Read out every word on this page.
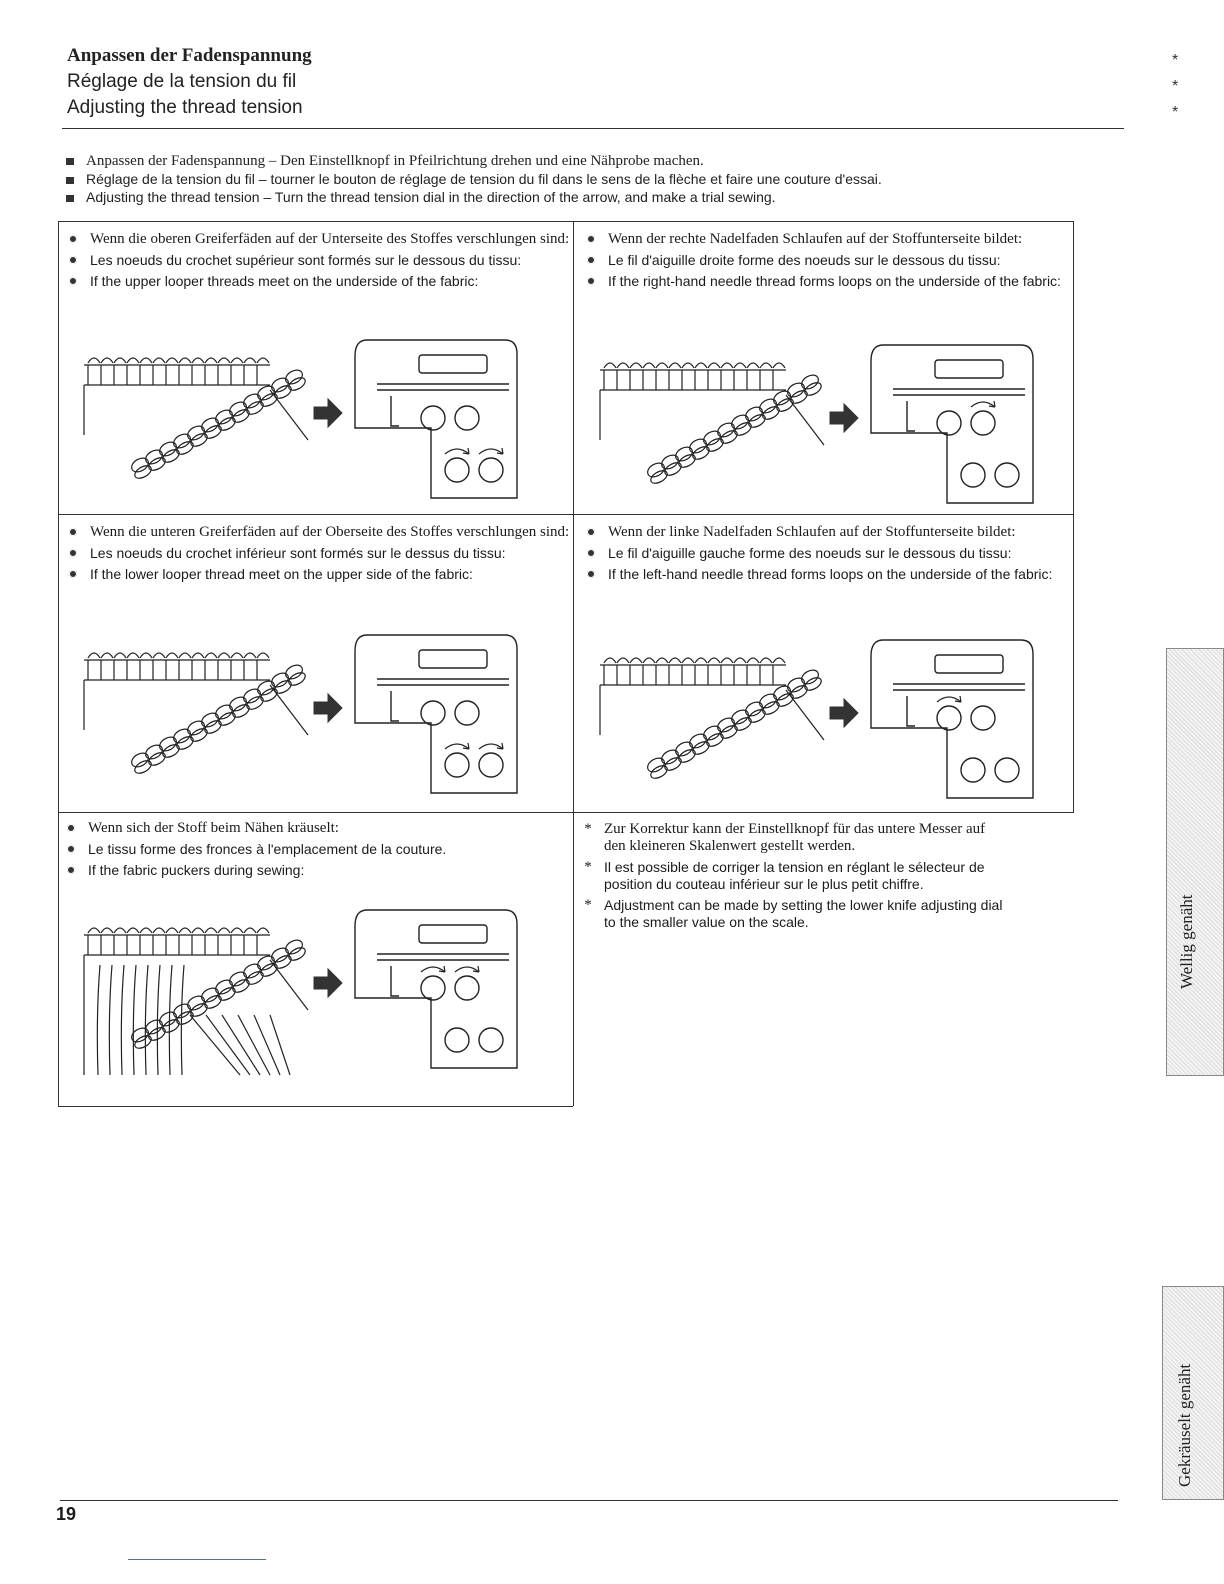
Anpassen der Fadenspannung
Réglage de la tension du fil
Adjusting the thread tension
*
*
*
Anpassen der Fadenspannung – Den Einstellknopf in Pfeilrichtung drehen und eine Nähprobe machen.
Réglage de la tension du fil – tourner le bouton de réglage de tension du fil dans le sens de la flèche et faire une couture d'essai.
Adjusting the thread tension – Turn the thread tension dial in the direction of the arrow, and make a trial sewing.
Wenn die oberen Greiferfäden auf der Unterseite des Stoffes verschlungen sind:
Les noeuds du crochet supérieur sont formés sur le dessous du tissu:
If the upper looper threads meet on the underside of the fabric:
Wenn der rechte Nadelfaden Schlaufen auf der Stoffunterseite bildet:
Le fil d'aiguille droite forme des noeuds sur le dessous du tissu:
If the right-hand needle thread forms loops on the underside of the fabric:
Wenn die unteren Greiferfäden auf der Oberseite des Stoffes verschlungen sind:
Les noeuds du crochet inférieur sont formés sur le dessus du tissu:
If the lower looper thread meet on the upper side of the fabric:
Wenn der linke Nadelfaden Schlaufen auf der Stoffunterseite bildet:
Le fil d'aiguille gauche forme des noeuds sur le dessous du tissu:
If the left-hand needle thread forms loops on the underside of the fabric:
Wenn sich der Stoff beim Nähen kräuselt:
Le tissu forme des fronces à l'emplacement de la couture.
If the fabric puckers during sewing:
* Zur Korrektur kann der Einstellknopf für das untere Messer auf den kleineren Skalenwert gestellt werden.
* Il est possible de corriger la tension en réglant le sélecteur de position du couteau inférieur sur le plus petit chiffre.
* Adjustment can be made by setting the lower knife adjusting dial to the smaller value on the scale.	Wellig genäht
Gekräuselt genäht
19
